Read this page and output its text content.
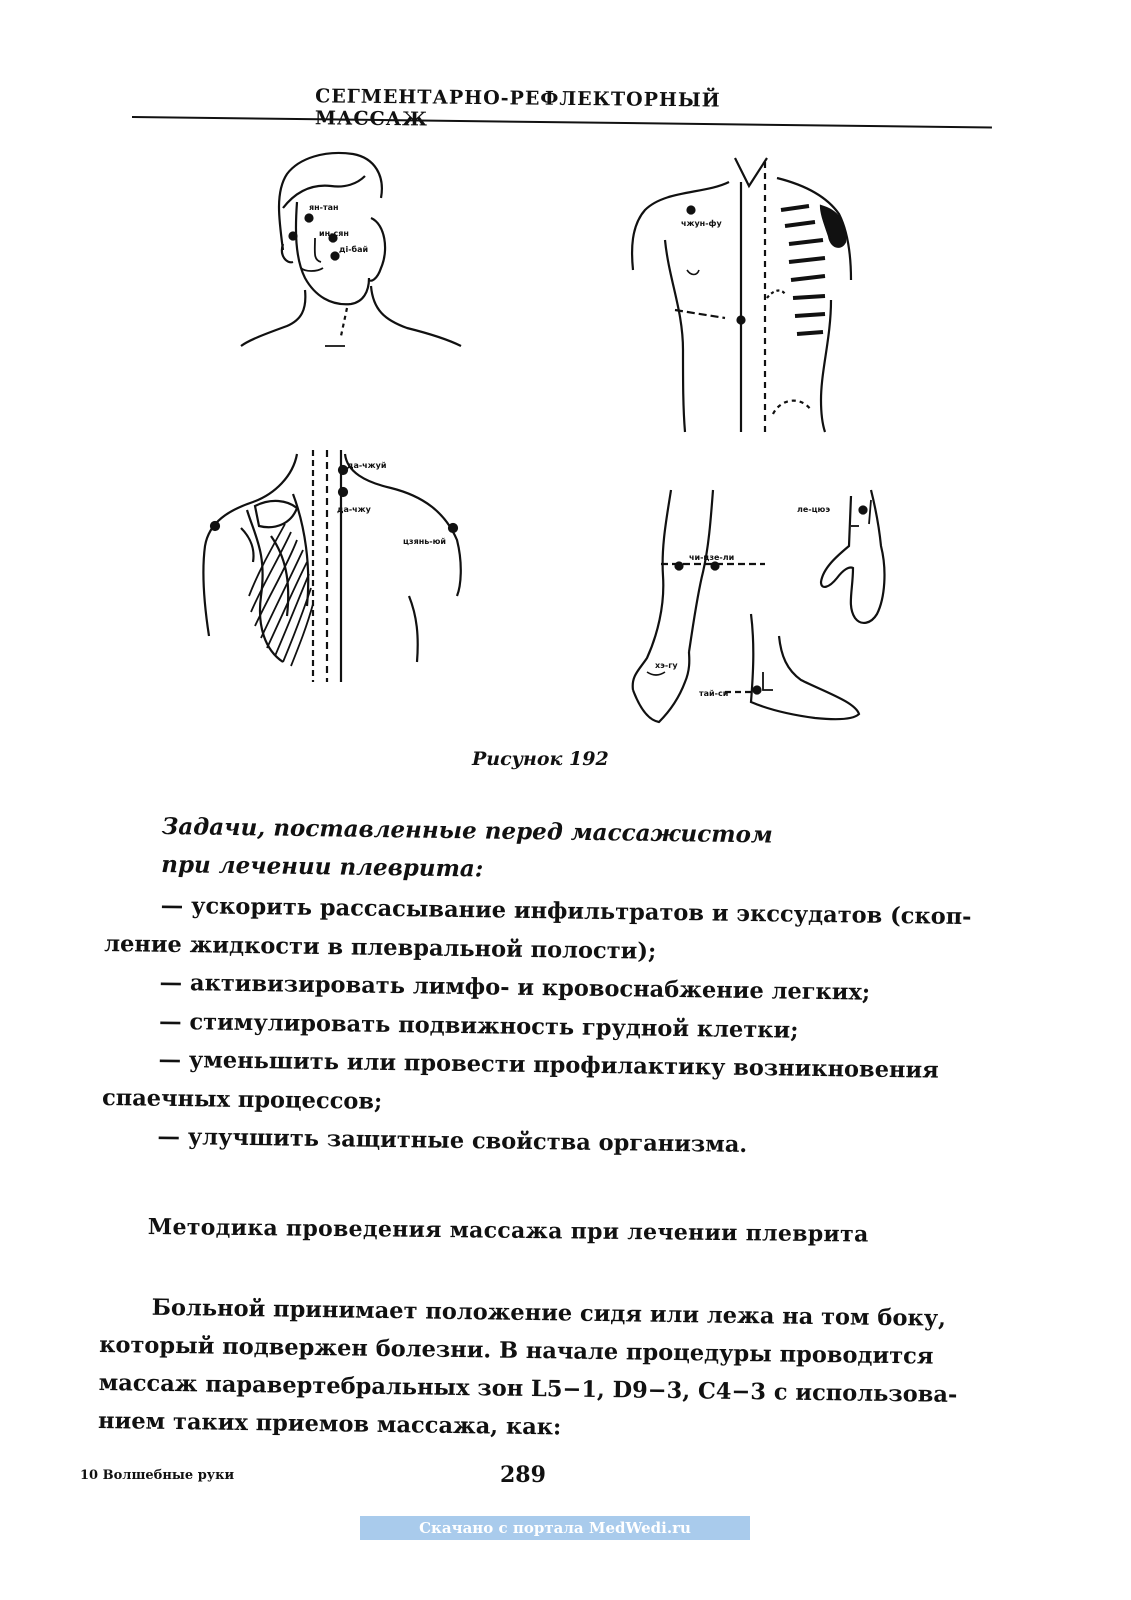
СЕГМЕНТАРНО-РЕФЛЕКТОРНЫЙ МАССАЖ
ян-тан
ин-сян
дi-бай
чжун-фу
да-чжуй
да-чжу
цзянь-юй
чи-цзе-ли
хэ-гу
ле-цюэ
тай-си
Рисунок 192
Задачи, поставленные перед массажистом
при лечении плеврита:

— ускорить рассасывание инфильтратов и экссудатов (скоп-

ление жидкости в плевральной полости);

— активизировать лимфо- и кровоснабжение легких;

— стимулировать подвижность грудной клетки;

— уменьшить или провести профилактику возникновения

спаечных процессов;

— улучшить защитные свойства организма.

Методика проведения массажа при лечении плеврита
Больной принимает положение сидя или лежа на том боку,
который подвержен болезни. В начале процедуры проводится
массаж паравертебральных зон L5−1, D9−3, C4−3 с использова-
нием таких приемов массажа, как:
10 Волшебные руки	289
Скачано с портала MedWedi.ru
